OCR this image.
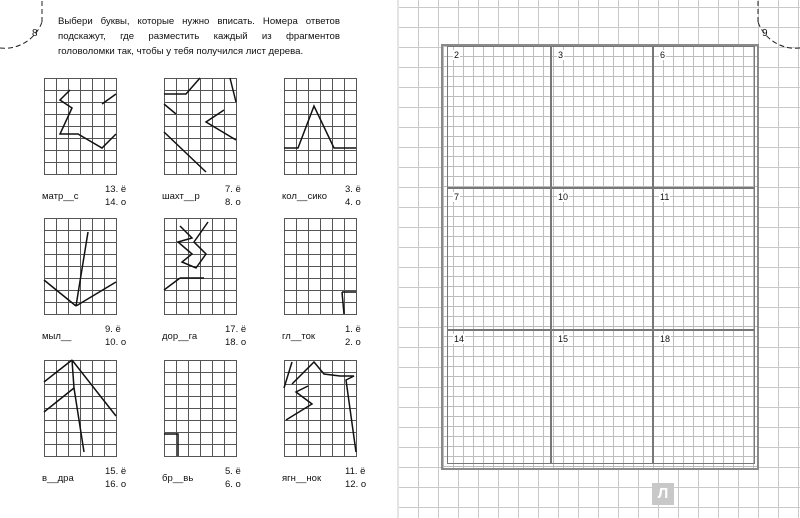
8	9
Выбери буквы, которые нужно вписать. Номера ответов подскажут, где разместить каждый из фрагментов головоломки так, чтобы у тебя получился лист дерева.
матр__с
13. ё
14. о
шахт__р
7. ё
8. о
кол__сико
3. ё
4. о
мыл__
9. ё
10. о
дор__га
17. ё
18. о
гл__ток
1. ё
2. о
в__дра
15. ё
16. о
бр__вь
5. ё
6. о
ягн__нок
11. ё
12. о
2	3	6
7	10	11
14	15	18
Л
